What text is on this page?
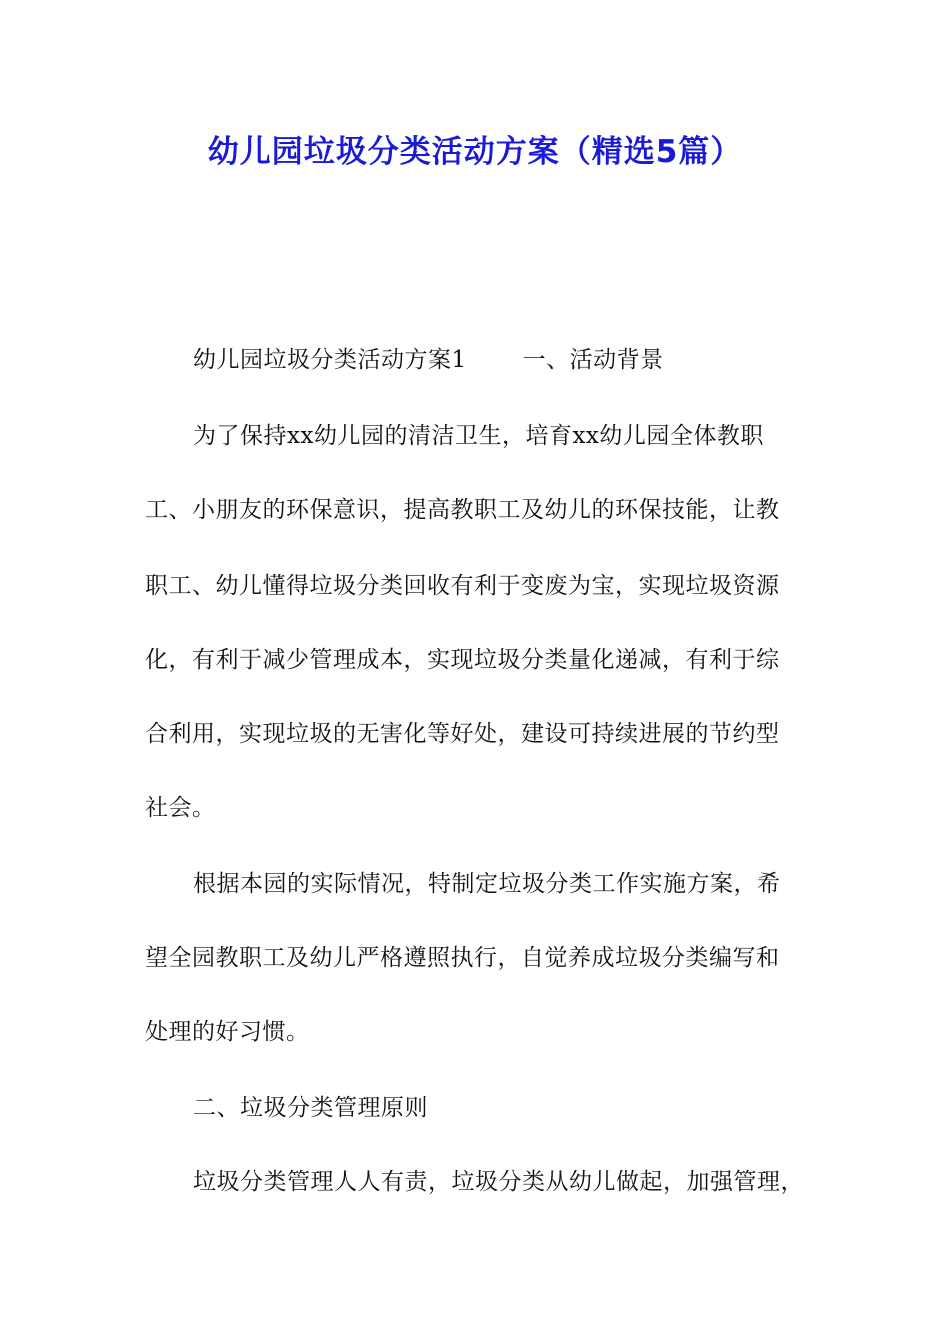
幼儿园垃圾分类活动方案（精选5篇）
幼儿园垃圾分类活动方案1 一、活动背景
为了保持xx幼儿园的清洁卫生，培育xx幼儿园全体教职
工、小朋友的环保意识，提高教职工及幼儿的环保技能，让教
职工、幼儿懂得垃圾分类回收有利于变废为宝，实现垃圾资源
化，有利于减少管理成本，实现垃圾分类量化递减，有利于综
合利用，实现垃圾的无害化等好处，建设可持续进展的节约型
社会。
根据本园的实际情况，特制定垃圾分类工作实施方案，希
望全园教职工及幼儿严格遵照执行，自觉养成垃圾分类编写和
处理的好习惯。
二、垃圾分类管理原则
垃圾分类管理人人有责，垃圾分类从幼儿做起，加强管理，
